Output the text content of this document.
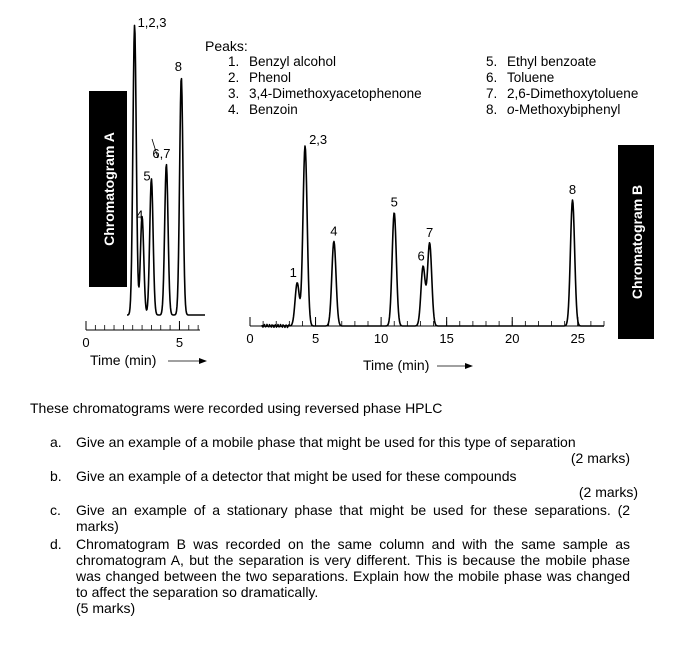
Chromatogram A
0	5
1,2,3
4
5
6,7
8
Time (min)
Chromatogram B
0	5	10	15	20	25
1
2,3
4
5
6
7
8
Time (min)
Peaks:
1. Benzyl alcohol
2. Phenol
3. 3,4-Dimethoxyacetophenone
4. Benzoin
5. Ethyl benzoate
6. Toluene
7. 2,6-Dimethoxytoluene
8. o-Methoxybiphenyl
These chromatograms were recorded using reversed phase HPLC
a. Give an example of a mobile phase that might be used for this type of separation
(2 marks)
b. Give an example of a detector that might be used for these compounds
(2 marks)
c. Give an example of a stationary phase that might be used for these separations. (2 marks)
d. Chromatogram B was recorded on the same column and with the same sample as chromatogram A, but the separation is very different. This is because the mobile phase was changed between the two separations. Explain how the mobile phase was changed to affect the separation so dramatically.
(5 marks)
